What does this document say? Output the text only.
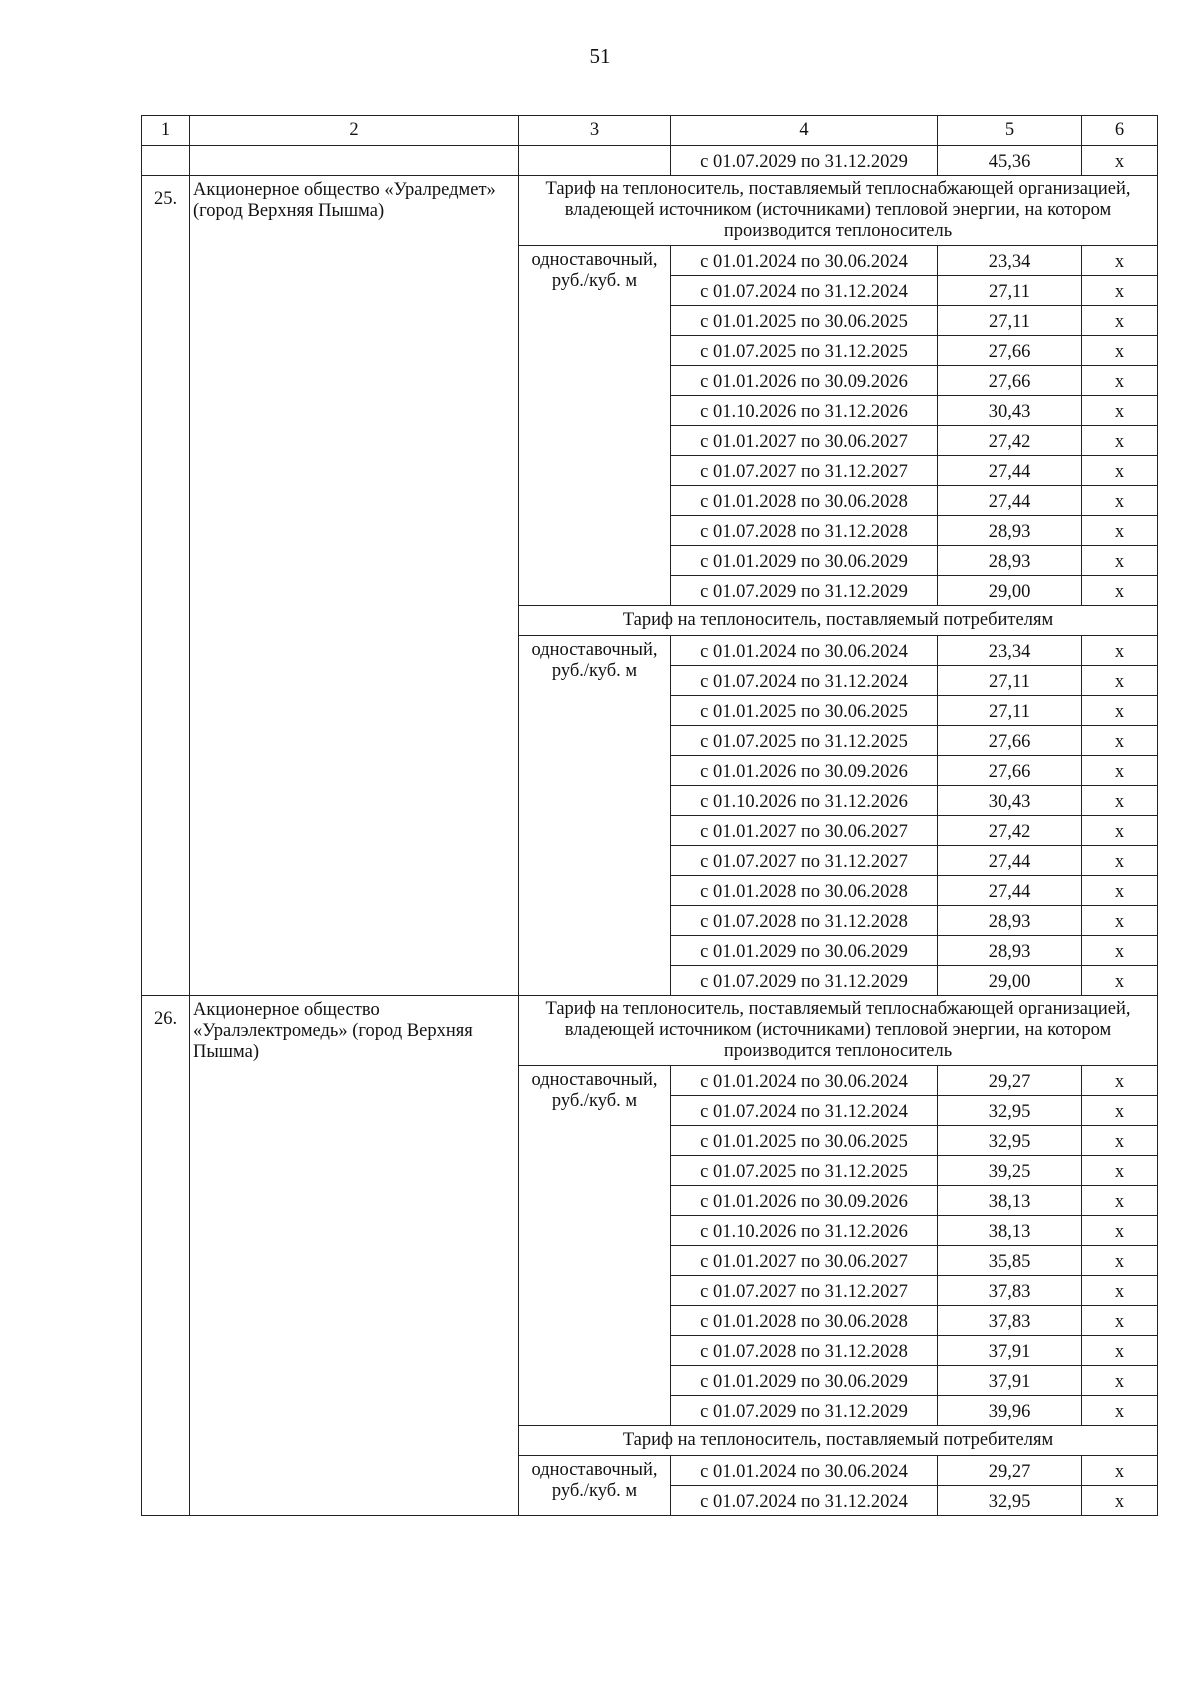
51
1	2	3	4	5	6
			с 01.07.2029 по 31.12.2029	45,36	x
25.	Акционерное общество «Уралредмет» (город Верхняя Пышма)	Тариф на теплоноситель, поставляемый теплоснабжающей организацией, владеющей источником (источниками) тепловой энергии, на котором производится теплоноситель			
		одноставочный, руб./куб. м	с 01.01.2024 по 30.06.2024	23,34	x
			с 01.07.2024 по 31.12.2024	27,11	x
			с 01.01.2025 по 30.06.2025	27,11	x
			с 01.07.2025 по 31.12.2025	27,66	x
			с 01.01.2026 по 30.09.2026	27,66	x
			с 01.10.2026 по 31.12.2026	30,43	x
			с 01.01.2027 по 30.06.2027	27,42	x
			с 01.07.2027 по 31.12.2027	27,44	x
			с 01.01.2028 по 30.06.2028	27,44	x
			с 01.07.2028 по 31.12.2028	28,93	x
			с 01.01.2029 по 30.06.2029	28,93	x
			с 01.07.2029 по 31.12.2029	29,00	x
		Тариф на теплоноситель, поставляемый потребителям			
		одноставочный, руб./куб. м	с 01.01.2024 по 30.06.2024	23,34	x
			с 01.07.2024 по 31.12.2024	27,11	x
			с 01.01.2025 по 30.06.2025	27,11	x
			с 01.07.2025 по 31.12.2025	27,66	x
			с 01.01.2026 по 30.09.2026	27,66	x
			с 01.10.2026 по 31.12.2026	30,43	x
			с 01.01.2027 по 30.06.2027	27,42	x
			с 01.07.2027 по 31.12.2027	27,44	x
			с 01.01.2028 по 30.06.2028	27,44	x
			с 01.07.2028 по 31.12.2028	28,93	x
			с 01.01.2029 по 30.06.2029	28,93	x
			с 01.07.2029 по 31.12.2029	29,00	x
26.	Акционерное общество «Уралэлектромедь» (город Верхняя Пышма)	Тариф на теплоноситель, поставляемый теплоснабжающей организацией, владеющей источником (источниками) тепловой энергии, на котором производится теплоноситель			
		одноставочный, руб./куб. м	с 01.01.2024 по 30.06.2024	29,27	x
			с 01.07.2024 по 31.12.2024	32,95	x
			с 01.01.2025 по 30.06.2025	32,95	x
			с 01.07.2025 по 31.12.2025	39,25	x
			с 01.01.2026 по 30.09.2026	38,13	x
			с 01.10.2026 по 31.12.2026	38,13	x
			с 01.01.2027 по 30.06.2027	35,85	x
			с 01.07.2027 по 31.12.2027	37,83	x
			с 01.01.2028 по 30.06.2028	37,83	x
			с 01.07.2028 по 31.12.2028	37,91	x
			с 01.01.2029 по 30.06.2029	37,91	x
			с 01.07.2029 по 31.12.2029	39,96	x
		Тариф на теплоноситель, поставляемый потребителям			
		одноставочный, руб./куб. м	с 01.01.2024 по 30.06.2024	29,27	x
			с 01.07.2024 по 31.12.2024	32,95	x
